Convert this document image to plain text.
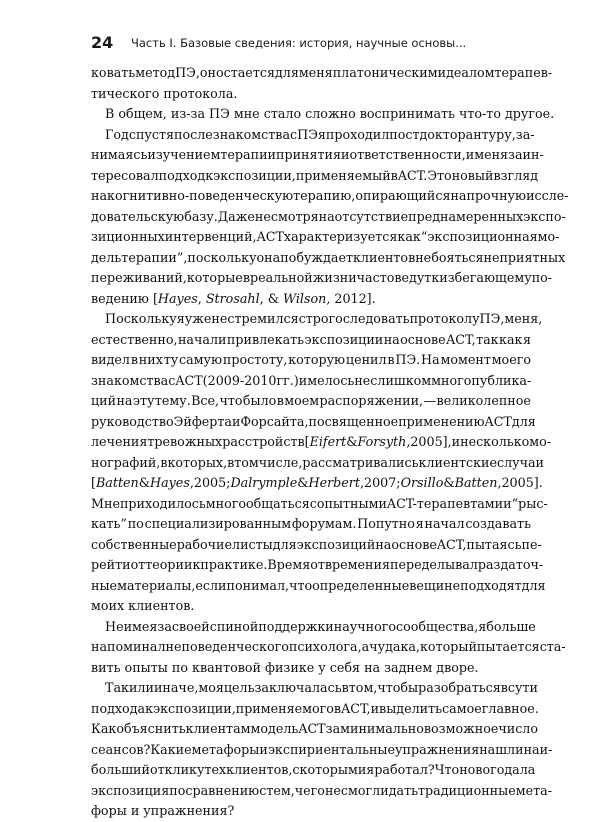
24 Часть I. Базовые сведения: история, научные основы...
ковать метод ПЭ, он остается для меня платоническим идеалом терапев-
тического протокола.
В общем, из-за ПЭ мне стало сложно воспринимать что-то другое.
Год спустя после знакомства с ПЭ я проходил постдокторантуру, за-
нимаясь изучением терапии принятия и ответственности, и меня заин-
тересовал подход к экспозиции, применяемый в ACT. Это новый взгляд
на когнитивно-поведенческую терапию, опирающийся на прочную иссле-
довательскую базу. Даже несмотря на отсутствие преднамеренных экспо-
зиционных интервенций, ACT характеризуется как “экспозиционная мо-
дель терапии”, поскольку она побуждает клиентов не бояться неприятных
переживаний, которые в реальной жизни часто ведут к избегающему по-
ведению [Hayes, Strosahl, & Wilson, 2012].
Поскольку я уже не стремился строго следовать протоколу ПЭ, меня,
естественно, начали привлекать экспозиции на основе ACT, так как я
видел в них ту самую простоту, которую ценил в ПЭ. На момент моего
знакомства с ACT (2009-2010 гг.) имелось не слишком много публика-
ций на эту тему. Все, что было в моем распоряжении, — великолепное
руководство Эйферта и Форсайта, посвященное применению ACT для
лечения тревожных расстройств [Eifert & Forsyth, 2005], и несколько мо-
нографий, в которых, в том числе, рассматривались клиентские случаи
[Batten & Hayes, 2005; Dalrymple & Herbert, 2007; Orsillo & Batten, 2005].
Мне приходилось много общаться с опытными ACT-терапевтами и “рыс-
кать” по специализированным форумам. Попутно я начал создавать
собственные рабочие листы для экспозиций на основе ACT, пытаясь пе-
рейти от теории к практике. Время от времени я переделывал раздаточ-
ные материалы, если понимал, что определенные вещи не подходят для
моих клиентов.
Не имея за своей спиной поддержки научного сообщества, я больше
напоминал не поведенческого психолога, а чудака, который пытается ста-
вить опыты по квантовой физике у себя на заднем дворе.
Так или иначе, моя цель заключалась в том, чтобы разобраться в сути
подхода к экспозиции, применяемого в ACT, и выделить самое главное.
Как объяснить клиентам модель ACT за минимально возможное число
сеансов? Какие метафоры и экспириентальные упражнения нашли наи-
больший отклик у тех клиентов, с которыми я работал? Что нового дала
экспозиция по сравнению с тем, чего не смогли дать традиционные мета-
форы и упражнения?
